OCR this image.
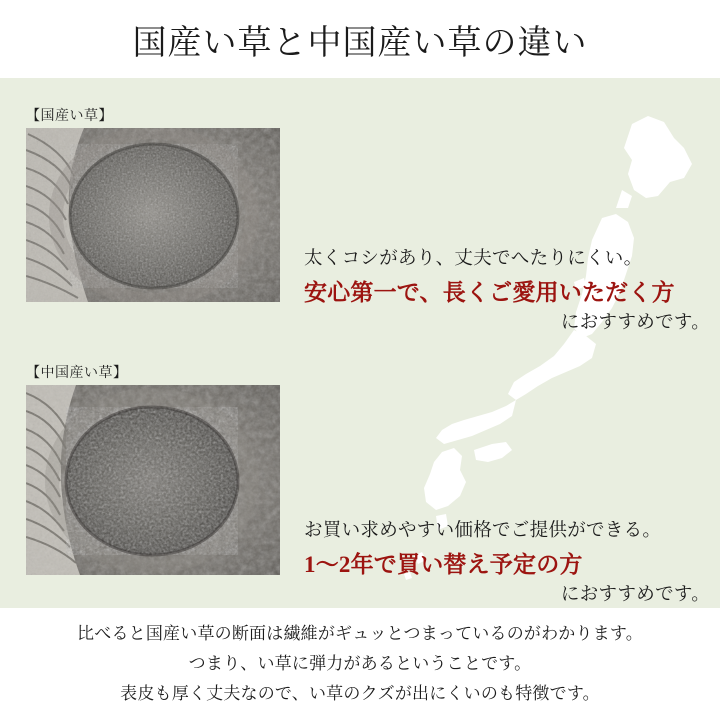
国産い草と中国産い草の違い
【国産い草】
太くコシがあり、丈夫でへたりにくい。
安心第一で、長くご愛用いただく方
におすすめです。
【中国産い草】
お買い求めやすい価格でご提供ができる。
1〜2年で買い替え予定の方
におすすめです。

比べると国産い草の断面は繊維がギュッとつまっているのがわかります。

つまり、い草に弾力があるということです。

表皮も厚く丈夫なので、い草のクズが出にくいのも特徴です。
